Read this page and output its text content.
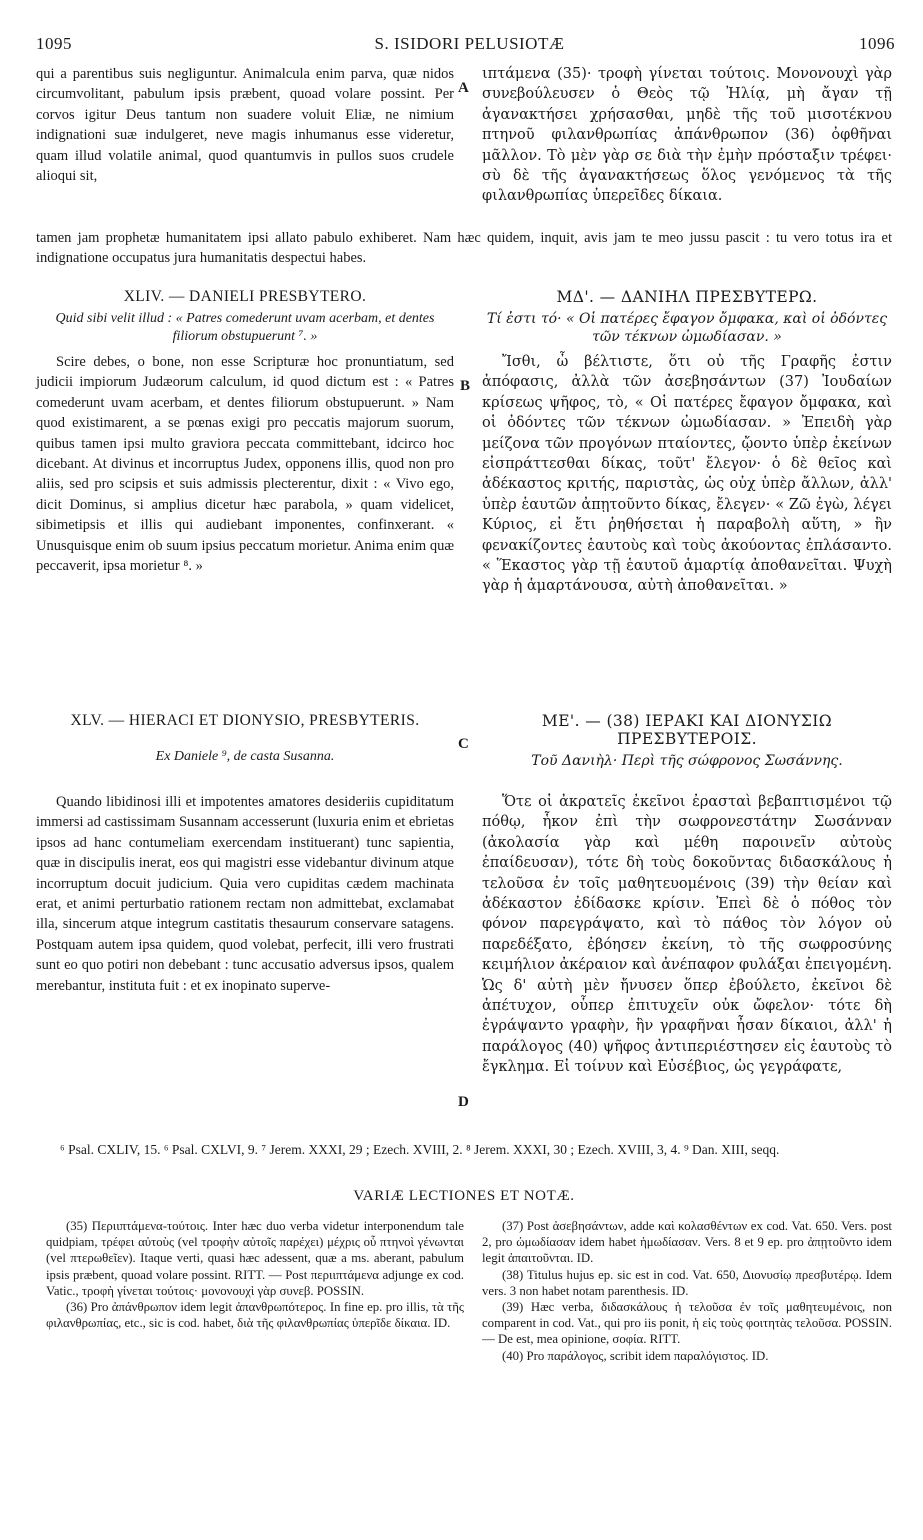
1095	S. ISIDORI PELUSIOTÆ	1096

qui a parentibus suis negliguntur. Animalcula enim parva, quæ nidos circumvolitant, pabulum ipsis præbent, quoad volare possint. Per corvos igitur Deus tantum non suadere voluit Eliæ, ne nimium indignationi suæ indulgeret, neve magis inhumanus esse videretur, quam illud volatile animal, quod quantumvis in pullos suos crudele alioqui sit,

A

ιπτάμενα (35)· τροφὴ γίνεται τούτοις. Μονονουχὶ γὰρ συνεβούλευσεν ὁ Θεὸς τῷ Ἠλίᾳ, μὴ ἄγαν τῇ ἀγανακτήσει χρήσασθαι, μηδὲ τῆς τοῦ μισοτέκνου πτηνοῦ φιλανθρωπίας ἀπάνθρωπον (36) ὀφθῆναι μᾶλλον. Τὸ μὲν γὰρ σε διὰ τὴν ἐμὴν πρόσταξιν τρέφει· σὺ δὲ τῆς ἀγανακτήσεως ὅλος γενόμενος τὰ τῆς φιλανθρωπίας ὑπερεῖδες δίκαια.

tamen jam prophetæ humanitatem ipsi allato pabulo exhiberet. Nam hæc quidem, inquit, avis jam te meo jussu pascit : tu vero totus ira et indignatione occupatus jura humanitatis despectui habes.
XLIV. — DANIELI PRESBYTERO.
Quid sibi velit illud : « Patres comederunt uvam acerbam, et dentes filiorum obstupuerunt ⁷. »
ΜΔ'. — ΔΑΝΙΗΛ ΠΡΕΣΒΥΤΕΡΩ.
Τί ἐστι τό· « Οἱ πατέρες ἔφαγον ὄμφακα, καὶ οἱ ὀδόντες τῶν τέκνων ὠμωδίασαν. »

Scire debes, o bone, non esse Scripturæ hoc pronuntiatum, sed judicii impiorum Judæorum calculum, id quod dictum est : « Patres comederunt uvam acerbam, et dentes filiorum obstupuerunt. » Nam quod existimarent, a se pœnas exigi pro peccatis majorum suorum, quibus tamen ipsi multo graviora peccata committebant, idcirco hoc dicebant. At divinus et incorruptus Judex, opponens illis, quod non pro aliis, sed pro scipsis et suis admissis plecterentur, dixit : « Vivo ego, dicit Dominus, si amplius dicetur hæc parabola, » quam videlicet, sibimetipsis et illis qui audiebant imponentes, confinxerant. « Unusquisque enim ob suum ipsius peccatum morietur. Anima enim quæ peccaverit, ipsa morietur ⁸. »

B

Ἴσθι, ὦ βέλτιστε, ὅτι οὐ τῆς Γραφῆς ἐστιν ἀπόφασις, ἀλλὰ τῶν ἀσεβησάντων (37) Ἰουδαίων κρίσεως ψῆφος, τὸ, « Οἱ πατέρες ἔφαγον ὄμφακα, καὶ οἱ ὀδόντες τῶν τέκνων ὠμωδίασαν. » Ἐπειδὴ γὰρ μείζονα τῶν προγόνων πταίοντες, ᾤοντο ὑπὲρ ἐκείνων εἰσπράττεσθαι δίκας, τοῦτ' ἔλεγον· ὁ δὲ θεῖος καὶ ἀδέκαστος κριτής, παριστὰς, ὡς οὐχ ὑπὲρ ἄλλων, ἀλλ' ὑπὲρ ἑαυτῶν ἀπῃτοῦντο δίκας, ἔλεγεν· « Ζῶ ἐγὼ, λέγει Κύριος, εἰ ἔτι ῥηθήσεται ἡ παραβολὴ αὕτη, » ἣν φενακίζοντες ἑαυτοὺς καὶ τοὺς ἀκούοντας ἐπλάσαντο. « Ἕκαστος γὰρ τῇ ἑαυτοῦ ἁμαρτίᾳ ἀποθανεῖται. Ψυχὴ γὰρ ἡ ἁμαρτάνουσα, αὐτὴ ἀποθανεῖται. »

XLV. — HIERACI ET DIONYSIO, PRESBYTERIS.
Ex Daniele ⁹, de casta Susanna.
C
ΜΕ'. — (38) ΙΕΡΑΚΙ ΚΑΙ ΔΙΟΝΥΣΙΩ ΠΡΕΣΒΥΤΕΡΟΙΣ.
Τοῦ Δανιὴλ· Περὶ τῆς σώφρονος Σωσάννης.

Quando libidinosi illi et impotentes amatores desideriis cupiditatum immersi ad castissimam Susannam accesserunt (luxuria enim et ebrietas ipsos ad hanc contumeliam exercendam instituerant) tunc sapientia, quæ in discipulis inerat, eos qui magistri esse videbantur divinum atque incorruptum docuit judicium. Quia vero cupiditas cædem machinata erat, et animi perturbatio rationem rectam non admittebat, exclamabat illa, sincerum atque integrum castitatis thesaurum conservare satagens. Postquam autem ipsa quidem, quod volebat, perfecit, illi vero frustrati sunt eo quo potiri non debebant : tunc accusatio adversus ipsos, qualem merebantur, instituta fuit : et ex inopinato superve-

D

Ὅτε οἱ ἀκρατεῖς ἐκεῖνοι ἐρασταὶ βεβαπτισμένοι τῷ πόθῳ, ἧκον ἐπὶ τὴν σωφρονεστάτην Σωσάνναν (ἀκολασία γὰρ καὶ μέθη παροινεῖν αὐτοὺς ἐπαίδευσαν), τότε δὴ τοὺς δοκοῦντας διδασκάλους ἡ τελοῦσα ἐν τοῖς μαθητευομένοις (39) τὴν θείαν καὶ ἀδέκαστον ἐδίδασκε κρίσιν. Ἐπεὶ δὲ ὁ πόθος τὸν φόνον παρεγράψατο, καὶ τὸ πάθος τὸν λόγον οὐ παρεδέξατο, ἐβόησεν ἐκείνη, τὸ τῆς σωφροσύνης κειμήλιον ἀκέραιον καὶ ἀνέπαφον φυλάξαι ἐπειγομένη. Ὡς δ' αὐτὴ μὲν ἤνυσεν ὅπερ ἐβούλετο, ἐκεῖνοι δὲ ἀπέτυχον, οὗπερ ἐπιτυχεῖν οὐκ ὤφελον· τότε δὴ ἐγράψαντο γραφὴν, ἣν γραφῆναι ἦσαν δίκαιοι, ἀλλ' ἡ παράλογος (40) ψῆφος ἀντιπεριέστησεν εἰς ἑαυτοὺς τὸ ἔγκλημα. Εἰ τοίνυν καὶ Εὐσέβιος, ὡς γεγράφατε,

⁶ Psal. CXLIV, 15. ⁶ Psal. CXLVI, 9. ⁷ Jerem. XXXI, 29 ; Ezech. XVIII, 2. ⁸ Jerem. XXXI, 30 ; Ezech. XVIII, 3, 4. ⁹ Dan. XIII, seqq.
VARIÆ LECTIONES ET NOTÆ.

(35) Περιιπτάμενα-τούτοις. Inter hæc duo verba videtur interponendum tale quidpiam, τρέφει αὐτοὺς (vel τροφὴν αὐτοῖς παρέχει) μέχρις οὗ πτηνοὶ γένωνται (vel πτερωθεῖεν). Itaque verti, quasi hæc adessent, quæ a ms. aberant, pabulum ipsis præbent, quoad volare possint. RITT. — Post περιιπτάμενα adjunge ex cod. Vatic., τροφὴ γίνεται τούτοις· μονονουχὶ γὰρ συνεβ. POSSIN.

(36) Pro ἀπάνθρωπον idem legit ἀπανθρωπότερος. In fine ep. pro illis, τὰ τῆς φιλανθρωπίας, etc., sic is cod. habet, διὰ τῆς φιλανθρωπίας ὑπερῖδε δίκαια. ID.

(37) Post ἀσεβησάντων, adde καὶ κολασθέντων ex cod. Vat. 650. Vers. post 2, pro ὠμωδίασαν idem habet ἡμωδίασαν. Vers. 8 et 9 ep. pro ἀπῃτοῦντο idem legit ἀπαιτοῦνται. ID.

(38) Titulus hujus ep. sic est in cod. Vat. 650, Διονυσίῳ πρεσβυτέρῳ. Idem vers. 3 non habet notam parenthesis. ID.

(39) Hæc verba, διδασκάλους ἡ τελοῦσα ἐν τοῖς μαθητευμένοις, non comparent in cod. Vat., qui pro iis ponit, ἡ εἰς τοὺς φοιτητὰς τελοῦσα. POSSIN. — De est, mea opinione, σοφία. RITT.

(40) Pro παράλογος, scribit idem παραλόγιστος. ID.
